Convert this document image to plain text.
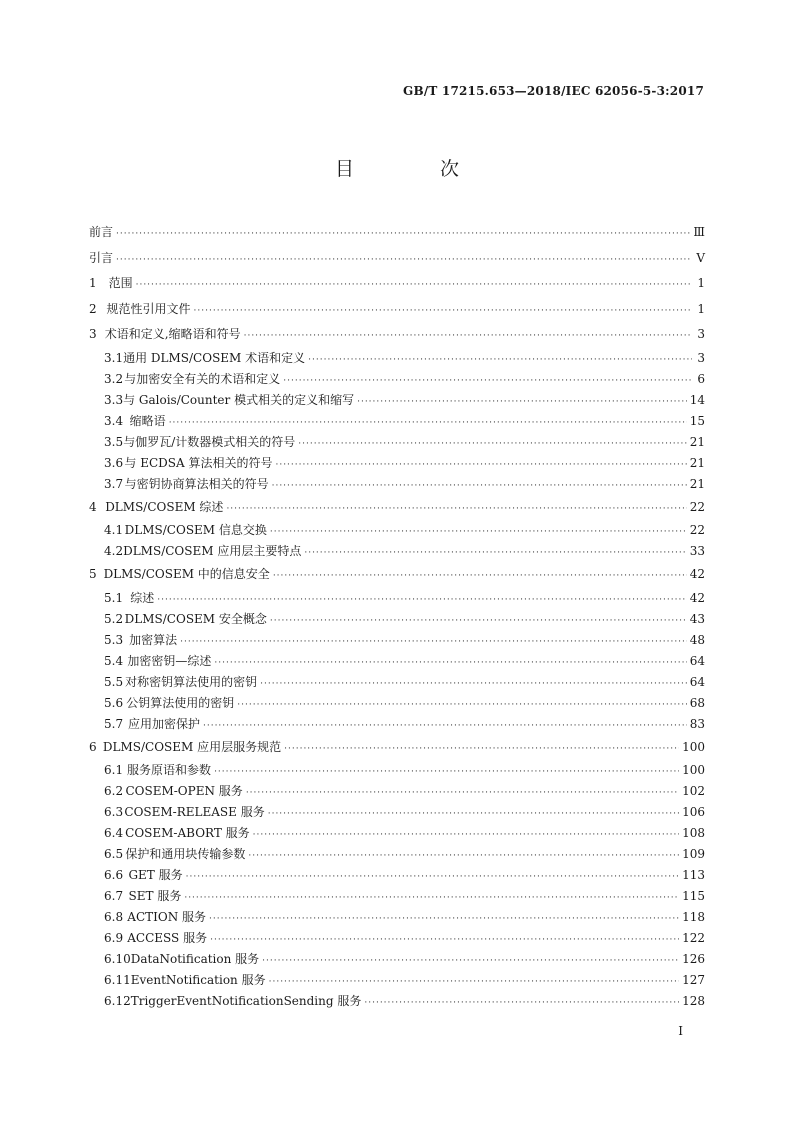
GB/T 17215.653—2018/IEC 62056-5-3:2017
目 次
前言 ·····	Ⅲ
引言 ·····	Ⅴ
1 范围 ·····	1
2 规范性引用文件 ·····	1
3 术语和定义,缩略语和符号 ·····	3
3.1 通用 DLMS/COSEM 术语和定义 ·····	3
3.2 与加密安全有关的术语和定义 ·····	6
3.3 与 Galois/Counter 模式相关的定义和缩写 ·····	14
3.4 缩略语 ·····	15
3.5 与伽罗瓦/计数器模式相关的符号 ·····	21
3.6 与 ECDSA 算法相关的符号 ·····	21
3.7 与密钥协商算法相关的符号 ·····	21
4 DLMS/COSEM 综述 ·····	22
4.1 DLMS/COSEM 信息交换 ·····	22
4.2 DLMS/COSEM 应用层主要特点 ·····	33
5 DLMS/COSEM 中的信息安全 ·····	42
5.1 综述 ·····	42
5.2 DLMS/COSEM 安全概念 ·····	43
5.3 加密算法 ·····	48
5.4 加密密钥—综述 ·····	64
5.5 对称密钥算法使用的密钥 ·····	64
5.6 公钥算法使用的密钥 ·····	68
5.7 应用加密保护 ·····	83
6 DLMS/COSEM 应用层服务规范 ·····	100
6.1 服务原语和参数 ·····	100
6.2 COSEM-OPEN 服务 ·····	102
6.3 COSEM-RELEASE 服务 ·····	106
6.4 COSEM-ABORT 服务 ·····	108
6.5 保护和通用块传输参数 ·····	109
6.6 GET 服务 ·····	113
6.7 SET 服务 ·····	115
6.8 ACTION 服务 ·····	118
6.9 ACCESS 服务 ·····	122
6.10 DataNotification 服务 ·····	126
6.11 EventNotification 服务 ·····	127
6.12 TriggerEventNotificationSending 服务 ·····	128
Ⅰ
